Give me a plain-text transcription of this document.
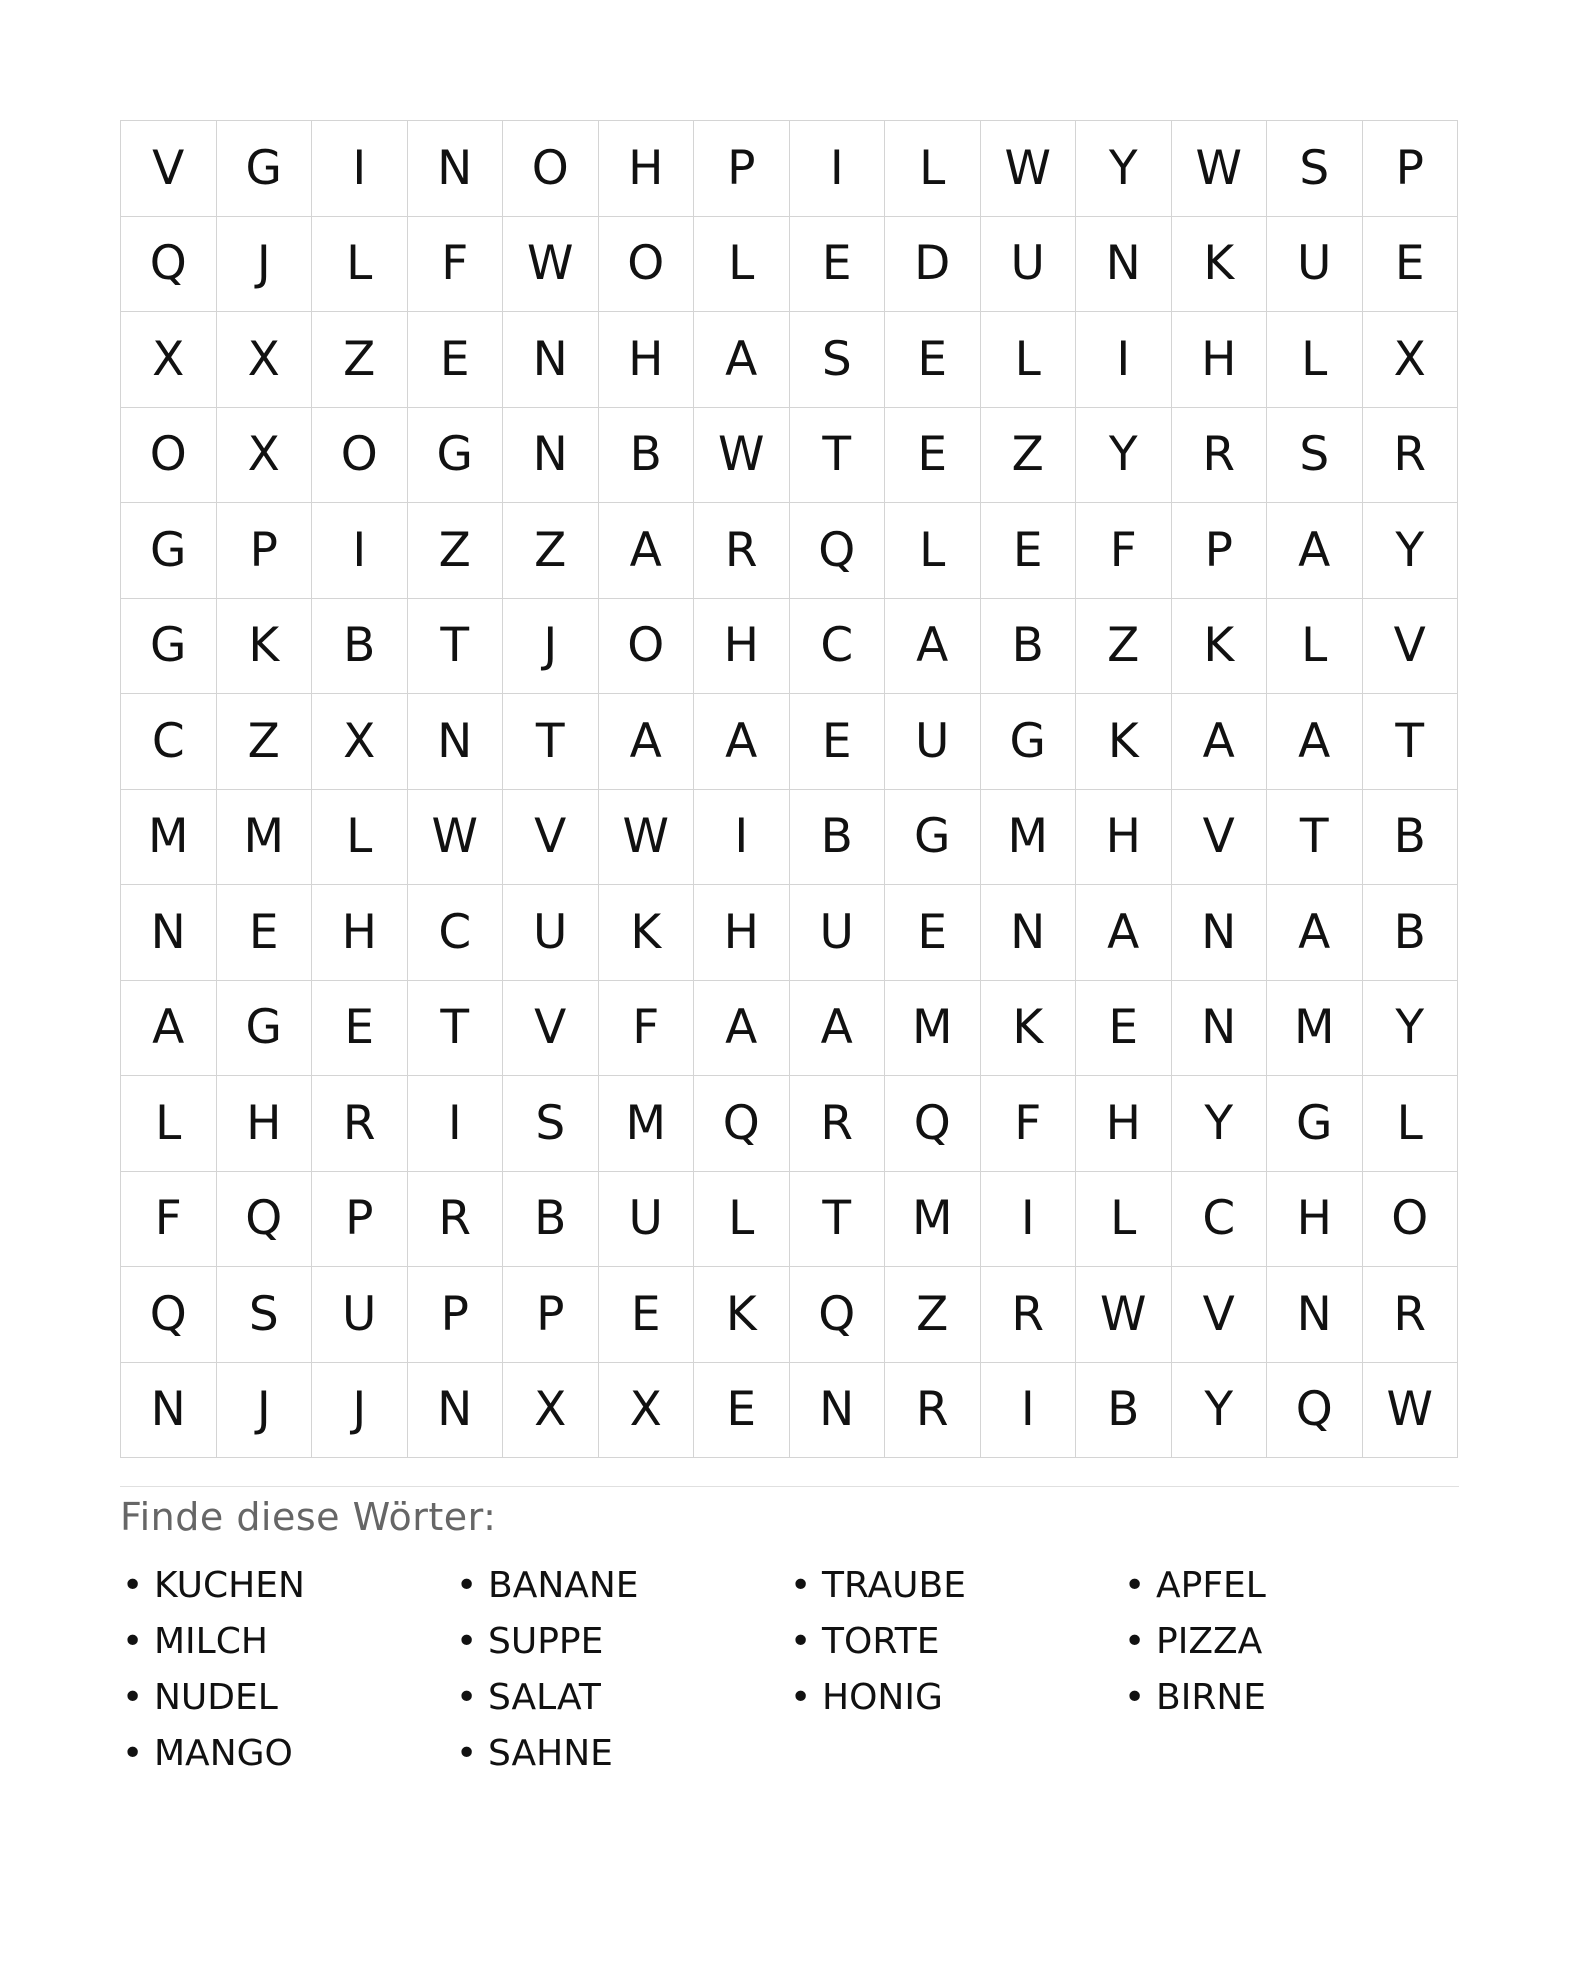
V	G	I	N	O	H	P	I	L	W	Y	W	S	P
Q	J	L	F	W	O	L	E	D	U	N	K	U	E
X	X	Z	E	N	H	A	S	E	L	I	H	L	X
O	X	O	G	N	B	W	T	E	Z	Y	R	S	R
G	P	I	Z	Z	A	R	Q	L	E	F	P	A	Y
G	K	B	T	J	O	H	C	A	B	Z	K	L	V
C	Z	X	N	T	A	A	E	U	G	K	A	A	T
M	M	L	W	V	W	I	B	G	M	H	V	T	B
N	E	H	C	U	K	H	U	E	N	A	N	A	B
A	G	E	T	V	F	A	A	M	K	E	N	M	Y
L	H	R	I	S	M	Q	R	Q	F	H	Y	G	L
F	Q	P	R	B	U	L	T	M	I	L	C	H	O
Q	S	U	P	P	E	K	Q	Z	R	W	V	N	R
N	J	J	N	X	X	E	N	R	I	B	Y	Q	W
Finde diese Wörter:
• KUCHEN	• BANANE	• TRAUBE	• APFEL
• MILCH	• SUPPE	• TORTE	• PIZZA
• NUDEL	• SALAT	• HONIG	• BIRNE
• MANGO	• SAHNE
